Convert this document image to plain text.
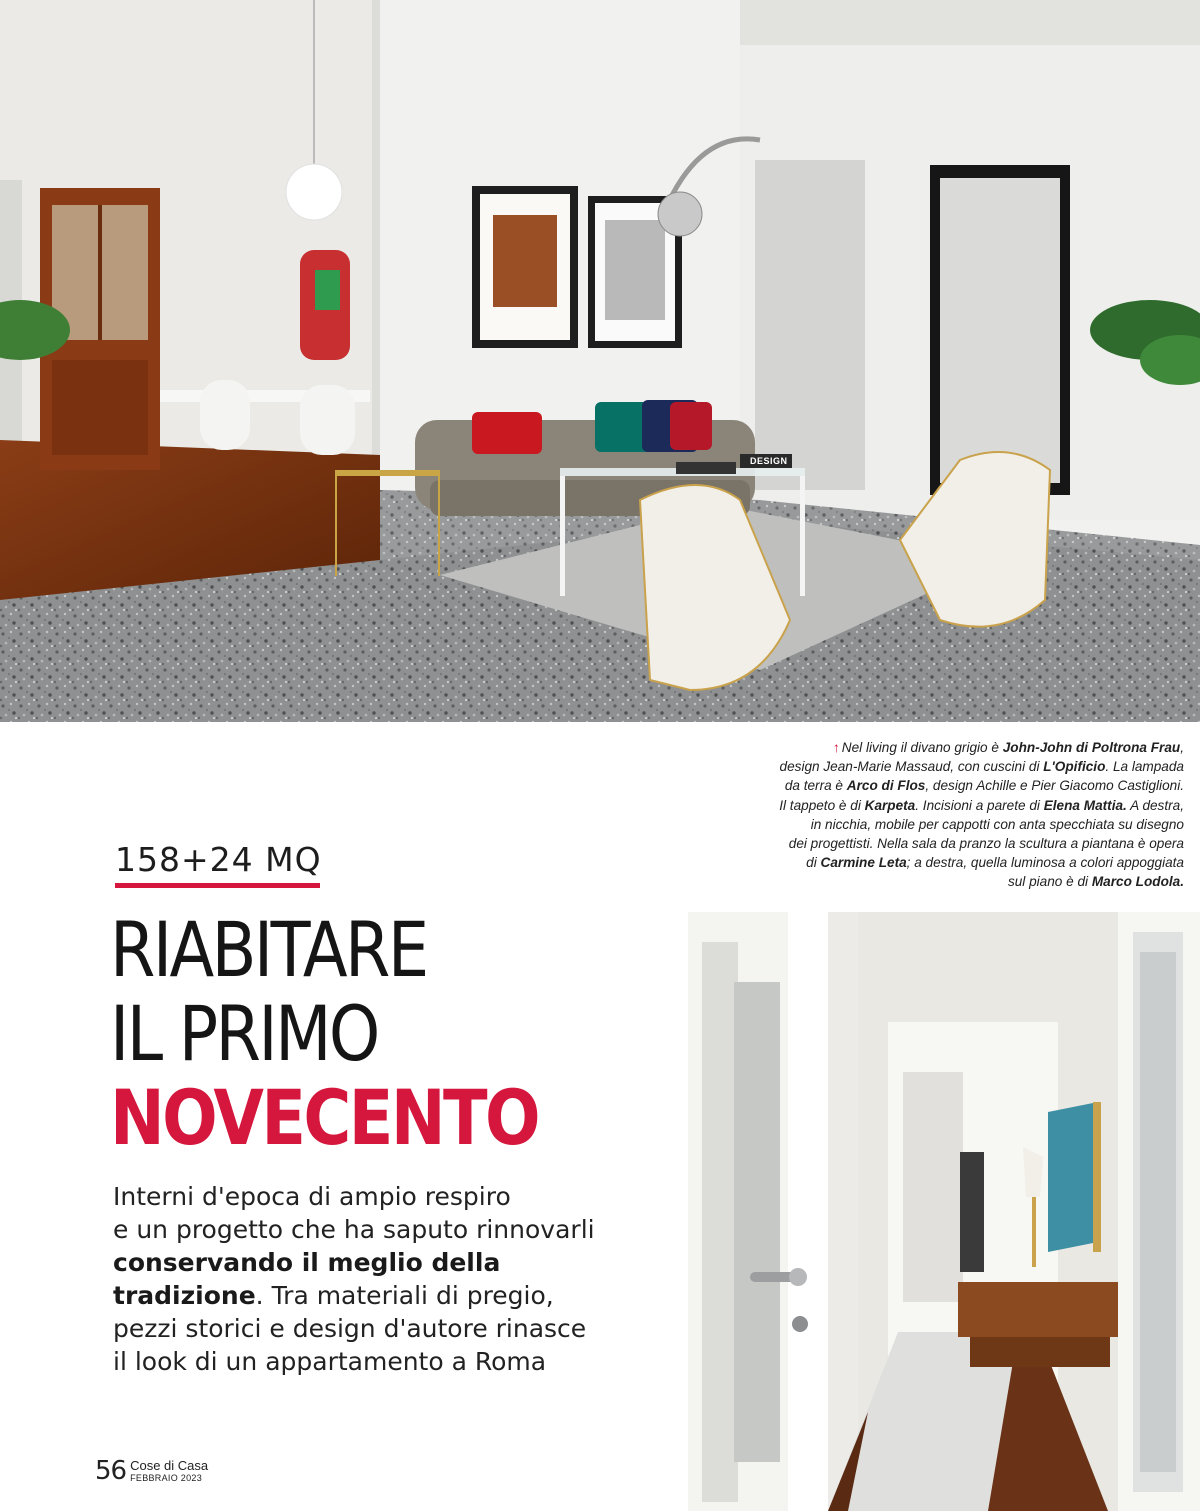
DESIGN
↑ Nel living il divano grigio è John-John di Poltrona Frau,
design Jean-Marie Massaud, con cuscini di L'Opificio. La lampada
da terra è Arco di Flos, design Achille e Pier Giacomo Castiglioni.
Il tappeto è di Karpeta. Incisioni a parete di Elena Mattia. A destra,
in nicchia, mobile per cappotti con anta specchiata su disegno
dei progettisti. Nella sala da pranzo la scultura a piantana è opera
di Carmine Leta; a destra, quella luminosa a colori appoggiata
sul piano è di Marco Lodola.
158+24 MQ
RIABITARE
IL PRIMO
NOVECENTO
Interni d'epoca di ampio respiro
e un progetto che ha saputo rinnovarli
conservando il meglio della
tradizione. Tra materiali di pregio,
pezzi storici e design d'autore rinasce
il look di un appartamento a Roma
56 Cose di Casa
FEBBRAIO 2023
